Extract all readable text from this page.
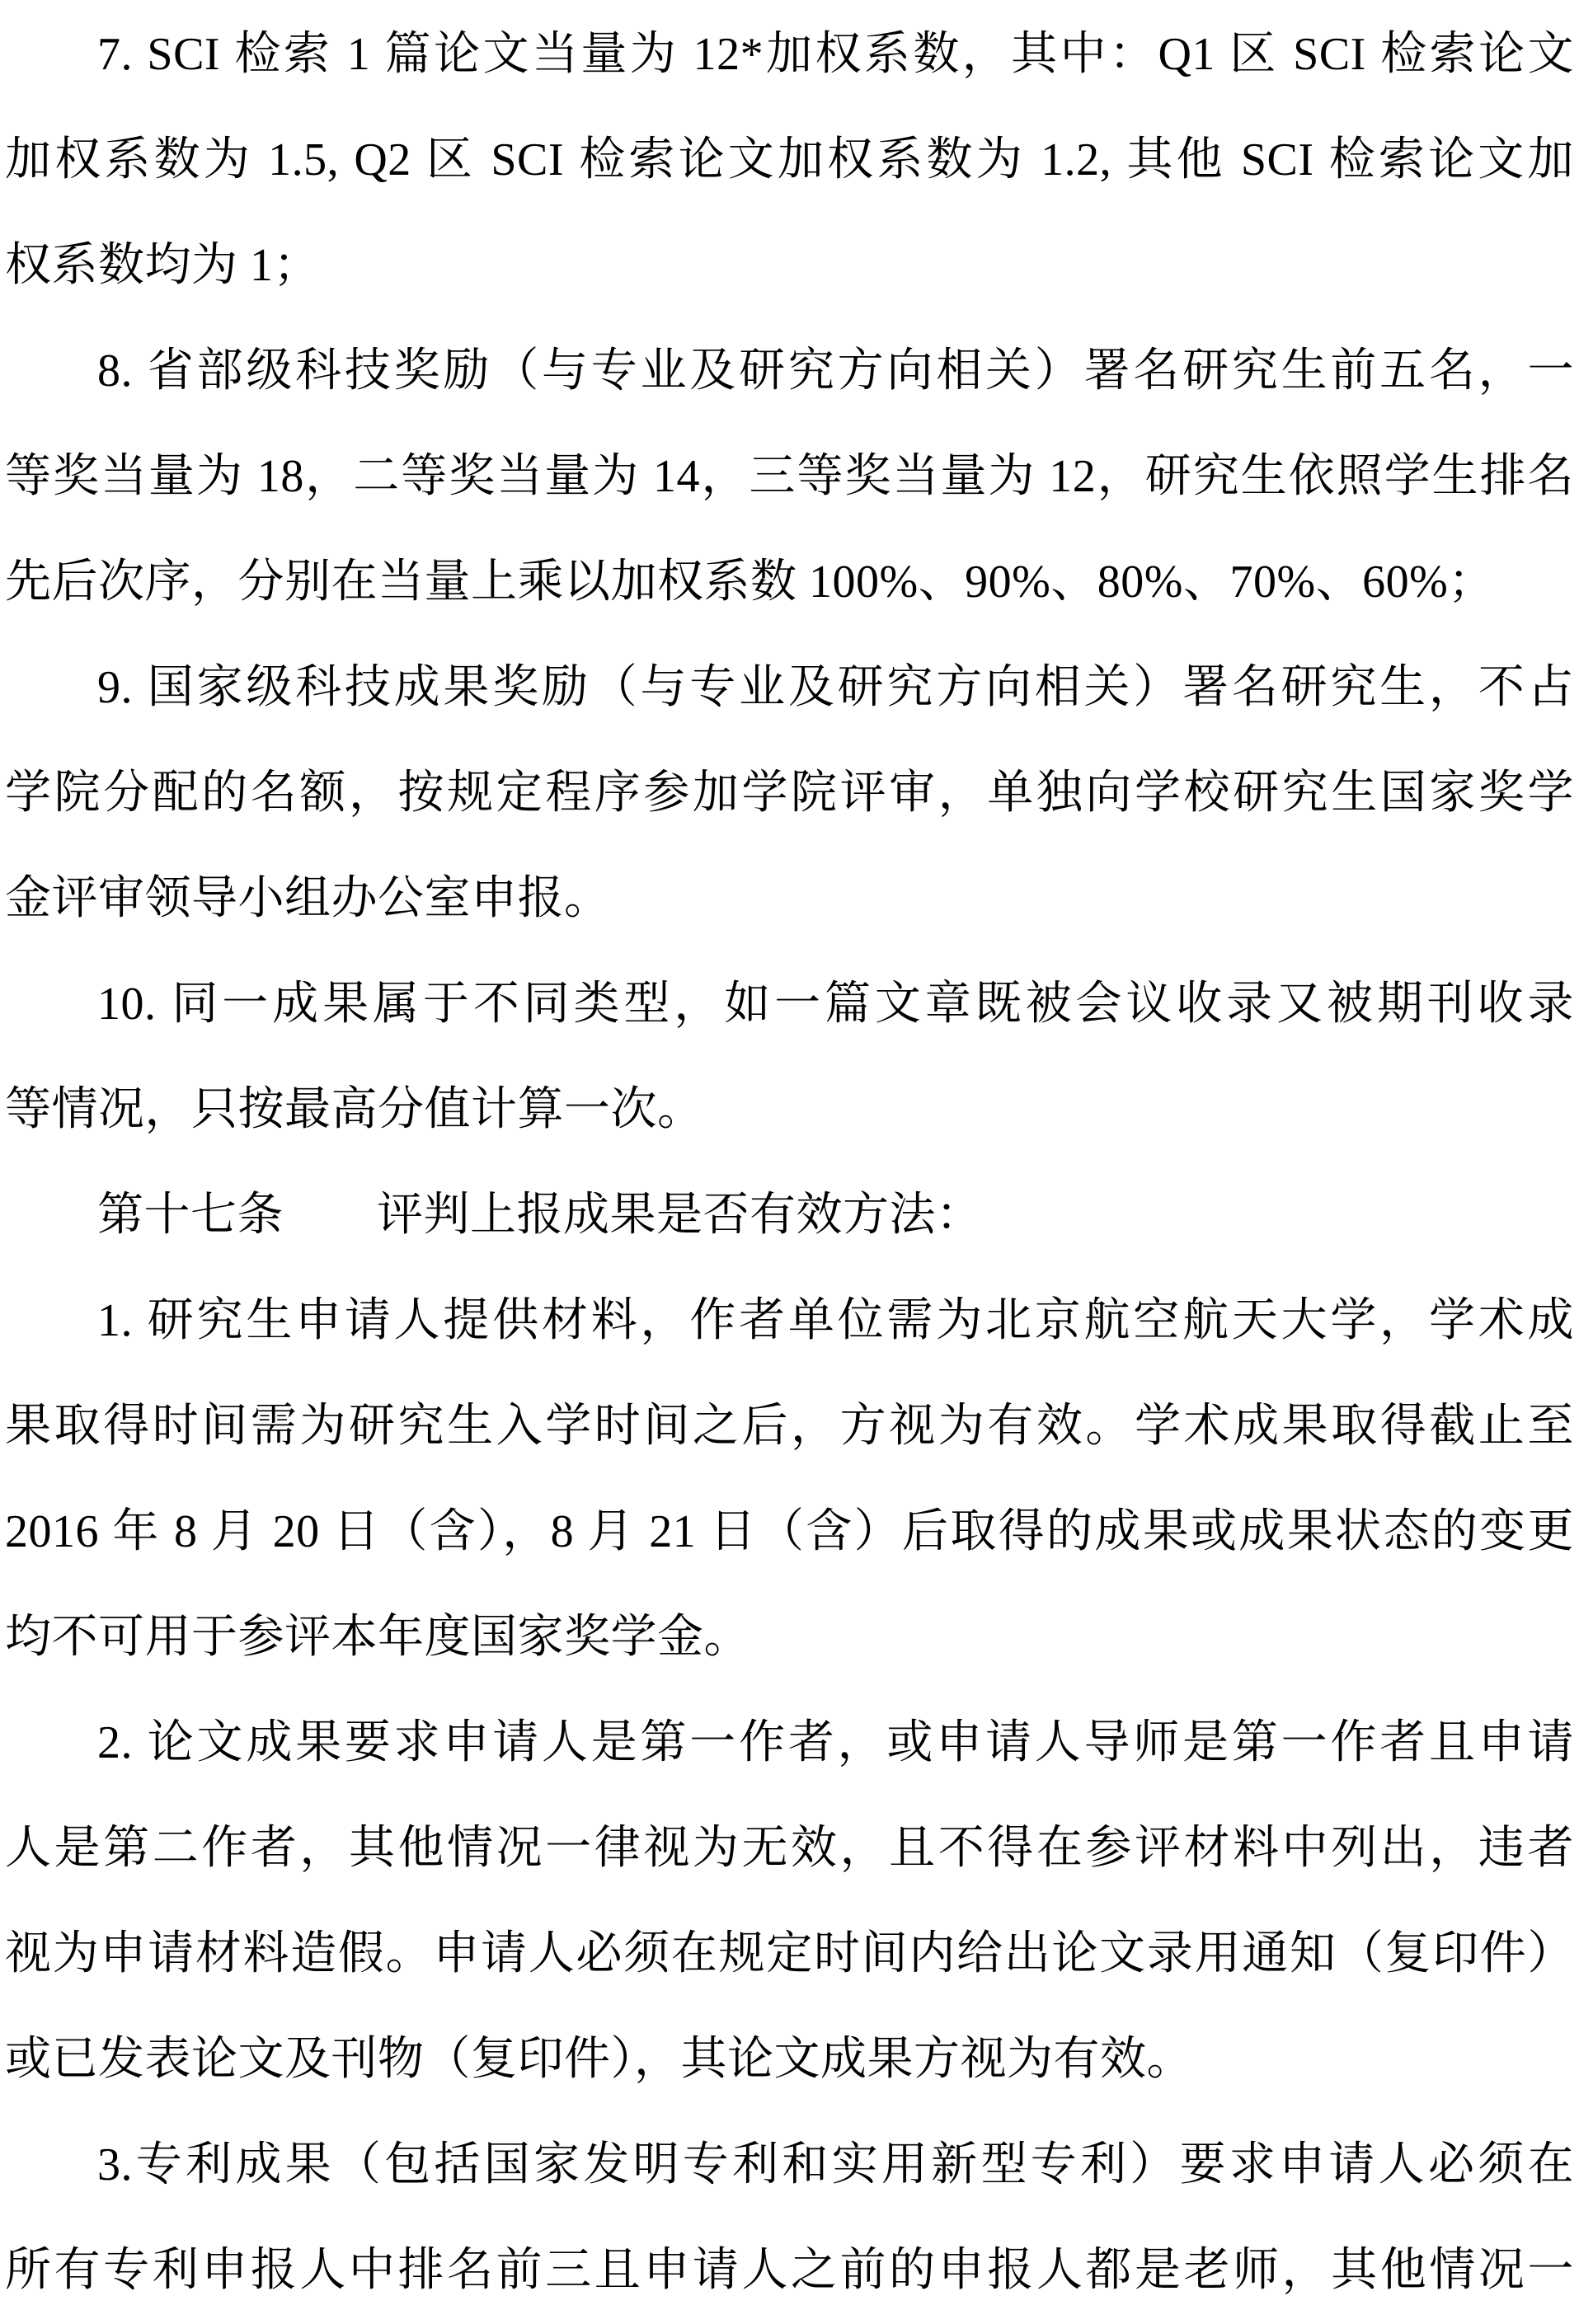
7. SCI 检索 1 篇论文当量为 12*加权系数，其中：Q1 区 SCI 检索论文
加权系数为 1.5, Q2 区 SCI 检索论文加权系数为 1.2, 其他 SCI 检索论文加
权系数均为 1；
8. 省部级科技奖励（与专业及研究方向相关）署名研究生前五名，一
等奖当量为 18，二等奖当量为 14，三等奖当量为 12，研究生依照学生排名
先后次序，分别在当量上乘以加权系数 100%、90%、80%、70%、60%；
9. 国家级科技成果奖励（与专业及研究方向相关）署名研究生，不占
学院分配的名额，按规定程序参加学院评审，单独向学校研究生国家奖学
金评审领导小组办公室申报。
10. 同一成果属于不同类型，如一篇文章既被会议收录又被期刊收录
等情况，只按最高分值计算一次。
第十七条　　评判上报成果是否有效方法：
1. 研究生申请人提供材料，作者单位需为北京航空航天大学，学术成
果取得时间需为研究生入学时间之后，方视为有效。学术成果取得截止至
2016 年 8 月 20 日（含），8 月 21 日（含）后取得的成果或成果状态的变更
均不可用于参评本年度国家奖学金。
2. 论文成果要求申请人是第一作者，或申请人导师是第一作者且申请
人是第二作者，其他情况一律视为无效，且不得在参评材料中列出，违者
视为申请材料造假。申请人必须在规定时间内给出论文录用通知（复印件）
或已发表论文及刊物（复印件），其论文成果方视为有效。
3.专利成果（包括国家发明专利和实用新型专利）要求申请人必须在
所有专利申报人中排名前三且申请人之前的申报人都是老师，其他情况一
